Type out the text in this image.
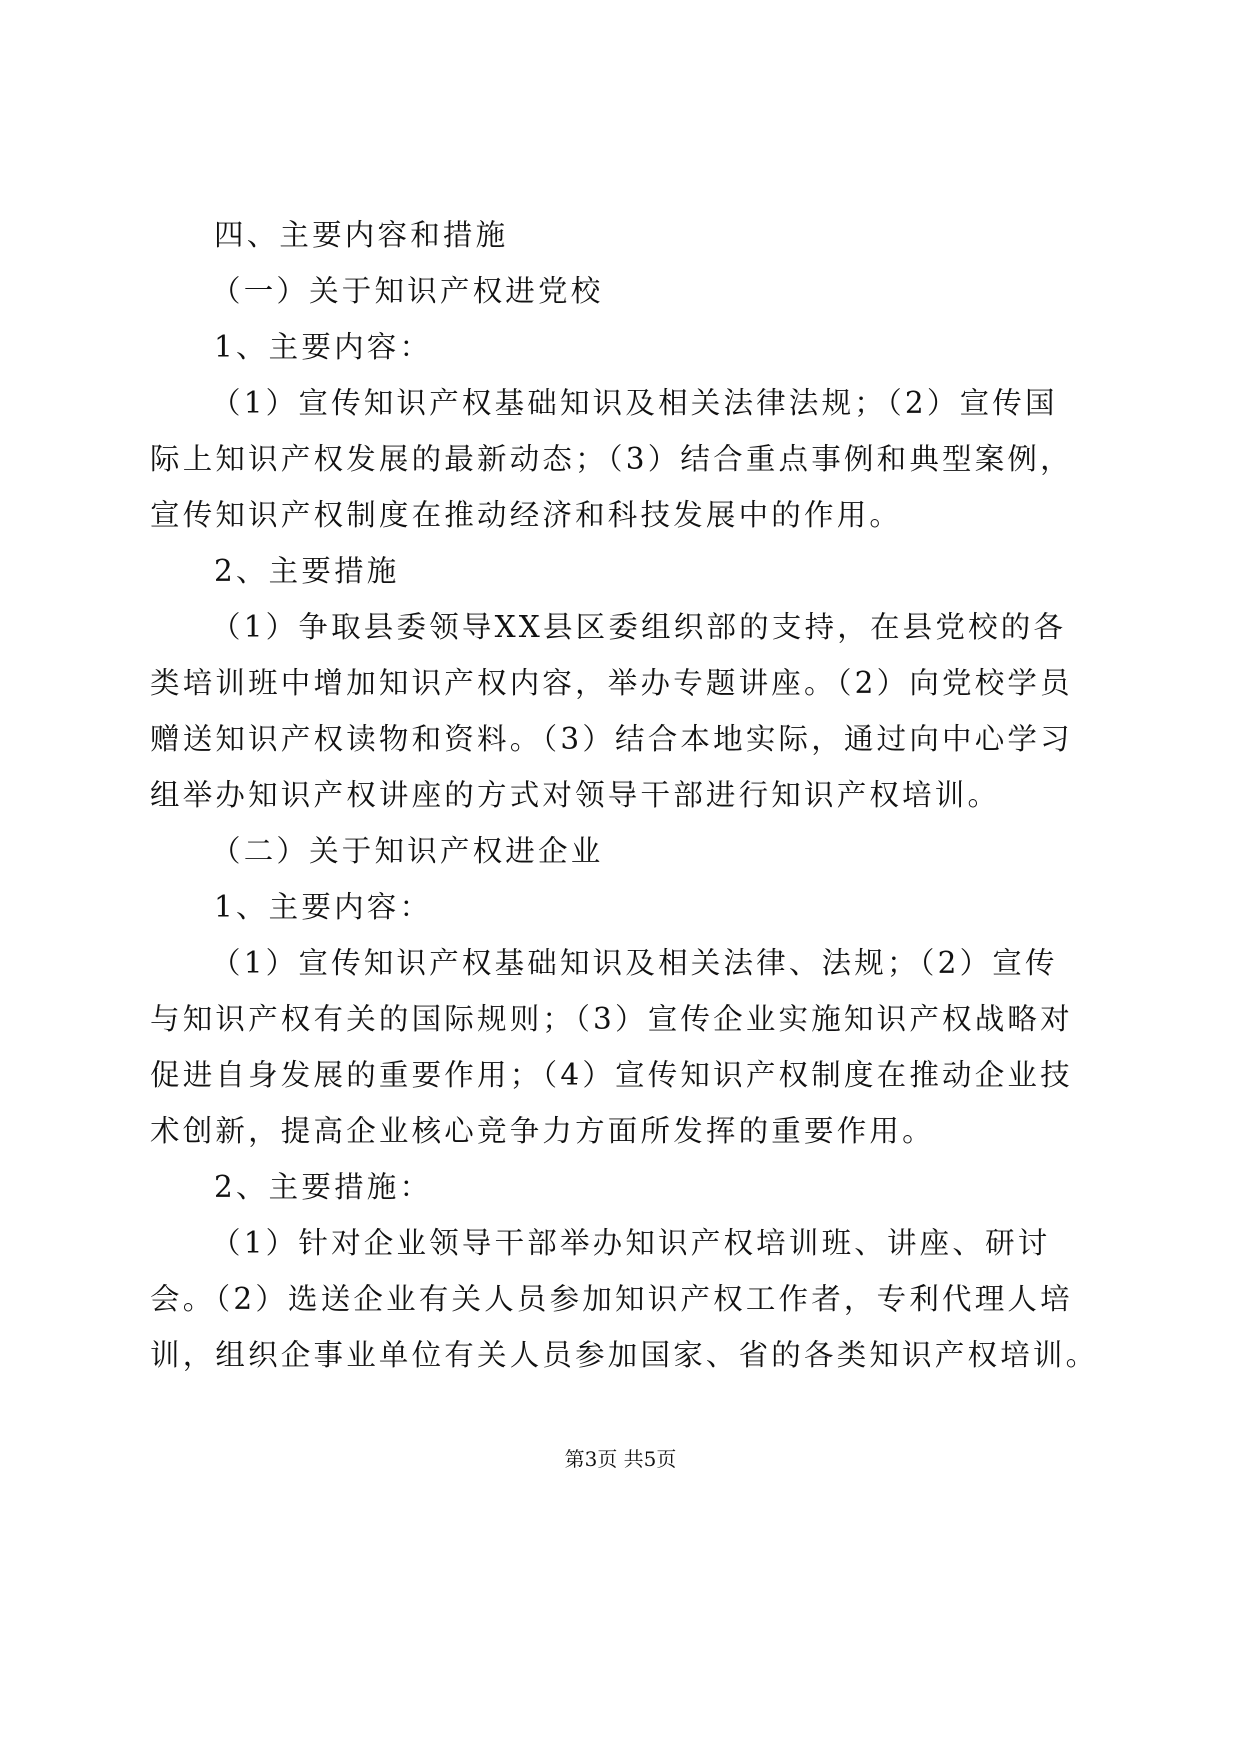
四、主要内容和措施
（一）关于知识产权进党校
1、主要内容：
（1）宣传知识产权基础知识及相关法律法规；（2）宣传国
际上知识产权发展的最新动态；（3）结合重点事例和典型案例，
宣传知识产权制度在推动经济和科技发展中的作用。
2、主要措施
（1）争取县委领导XX县区委组织部的支持，在县党校的各
类培训班中增加知识产权内容，举办专题讲座。（2）向党校学员
赠送知识产权读物和资料。（3）结合本地实际，通过向中心学习
组举办知识产权讲座的方式对领导干部进行知识产权培训。
（二）关于知识产权进企业
1、主要内容：
（1）宣传知识产权基础知识及相关法律、法规；（2）宣传
与知识产权有关的国际规则；（3）宣传企业实施知识产权战略对
促进自身发展的重要作用；（4）宣传知识产权制度在推动企业技
术创新，提高企业核心竞争力方面所发挥的重要作用。
2、主要措施：
（1）针对企业领导干部举办知识产权培训班、讲座、研讨
会。（2）选送企业有关人员参加知识产权工作者，专利代理人培
训，组织企事业单位有关人员参加国家、省的各类知识产权培训。
第3页 共5页
